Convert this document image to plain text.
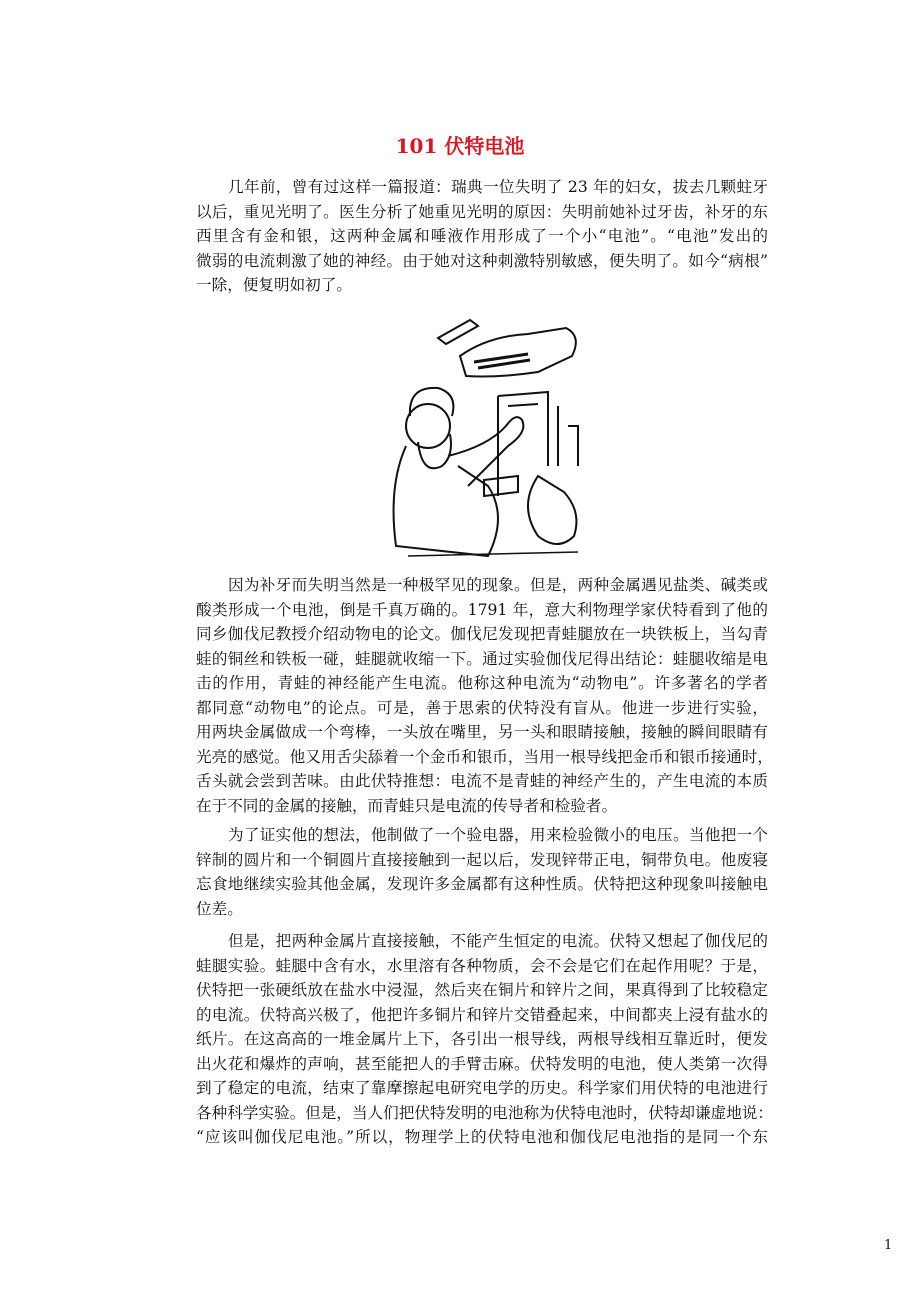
101 伏特电池
几年前，曾有过这样一篇报道：瑞典一位失明了 23 年的妇女，拔去几颗蛀牙
以后，重见光明了。医生分析了她重见光明的原因：失明前她补过牙齿，补牙的东
西里含有金和银，这两种金属和唾液作用形成了一个小“电池”。“电池”发出的
微弱的电流刺激了她的神经。由于她对这种刺激特别敏感，便失明了。如今“病根”
一除，便复明如初了。
因为补牙而失明当然是一种极罕见的现象。但是，两种金属遇见盐类、碱类或
酸类形成一个电池，倒是千真万确的。1791 年，意大利物理学家伏特看到了他的
同乡伽伐尼教授介绍动物电的论文。伽伐尼发现把青蛙腿放在一块铁板上，当勾青
蛙的铜丝和铁板一碰，蛙腿就收缩一下。通过实验伽伐尼得出结论：蛙腿收缩是电
击的作用，青蛙的神经能产生电流。他称这种电流为“动物电”。许多著名的学者
都同意“动物电”的论点。可是，善于思索的伏特没有盲从。他进一步进行实验，
用两块金属做成一个弯棒，一头放在嘴里，另一头和眼睛接触，接触的瞬间眼睛有
光亮的感觉。他又用舌尖舔着一个金币和银币，当用一根导线把金币和银币接通时，
舌头就会尝到苦味。由此伏特推想：电流不是青蛙的神经产生的，产生电流的本质
在于不同的金属的接触，而青蛙只是电流的传导者和检验者。
为了证实他的想法，他制做了一个验电器，用来检验微小的电压。当他把一个
锌制的圆片和一个铜圆片直接接触到一起以后，发现锌带正电，铜带负电。他废寝
忘食地继续实验其他金属，发现许多金属都有这种性质。伏特把这种现象叫接触电
位差。
但是，把两种金属片直接接触，不能产生恒定的电流。伏特又想起了伽伐尼的
蛙腿实验。蛙腿中含有水，水里溶有各种物质，会不会是它们在起作用呢？于是，
伏特把一张硬纸放在盐水中浸湿，然后夹在铜片和锌片之间，果真得到了比较稳定
的电流。伏特高兴极了，他把许多铜片和锌片交错叠起来，中间都夹上浸有盐水的
纸片。在这高高的一堆金属片上下，各引出一根导线，两根导线相互靠近时，便发
出火花和爆炸的声响，甚至能把人的手臂击麻。伏特发明的电池，使人类第一次得
到了稳定的电流，结束了靠摩擦起电研究电学的历史。科学家们用伏特的电池进行
各种科学实验。但是，当人们把伏特发明的电池称为伏特电池时，伏特却谦虚地说：
“应该叫伽伐尼电池。”所以，物理学上的伏特电池和伽伐尼电池指的是同一个东
1
